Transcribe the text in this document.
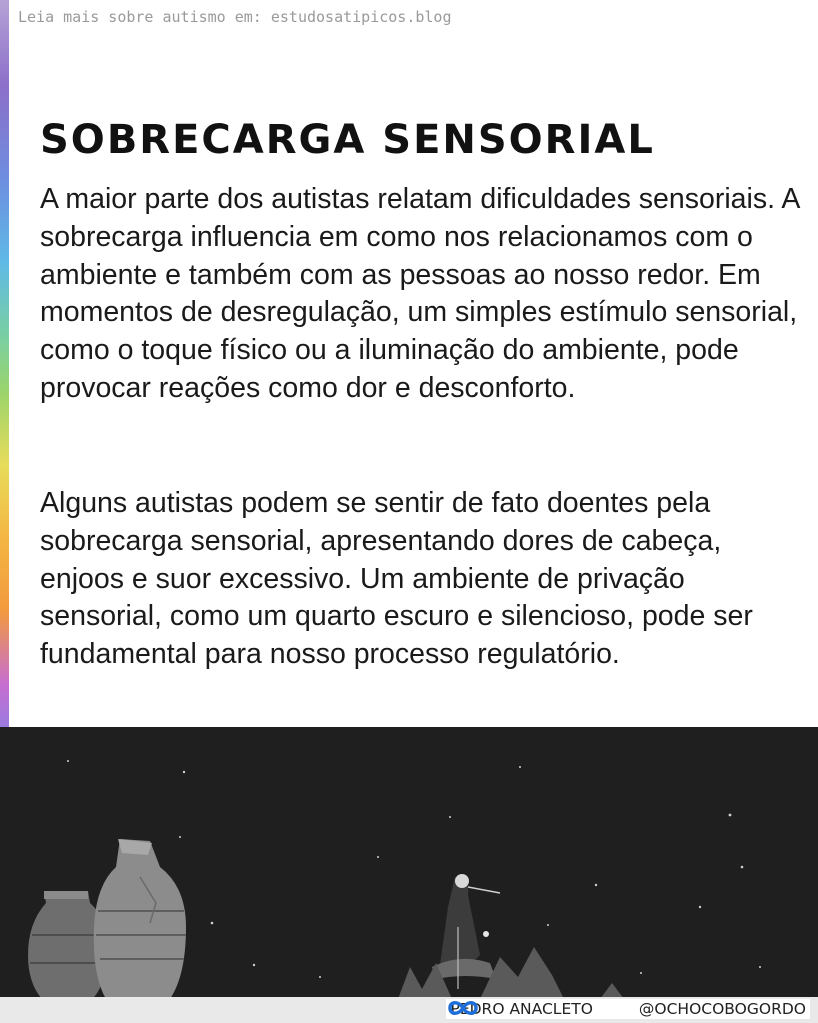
Leia mais sobre autismo em: estudosatipicos.blog
SOBRECARGA SENSORIAL

A maior parte dos autistas relatam dificuldades sensoriais. A sobrecarga influencia em como nos relacionamos com o ambiente e também com as pessoas ao nosso redor. Em momentos de desregulação, um simples estímulo sensorial, como o toque físico ou a iluminação do ambiente, pode provocar reações como dor e desconforto.

Alguns autistas podem se sentir de fato doentes pela sobrecarga sensorial, apresentando dores de cabeça, enjoos e suor excessivo. Um ambiente de privação sensorial, como um quarto escuro e silencioso, pode ser fundamental para nosso processo regulatório.

PEDRO ANACLETO	@OCHOCOBOGORDO
